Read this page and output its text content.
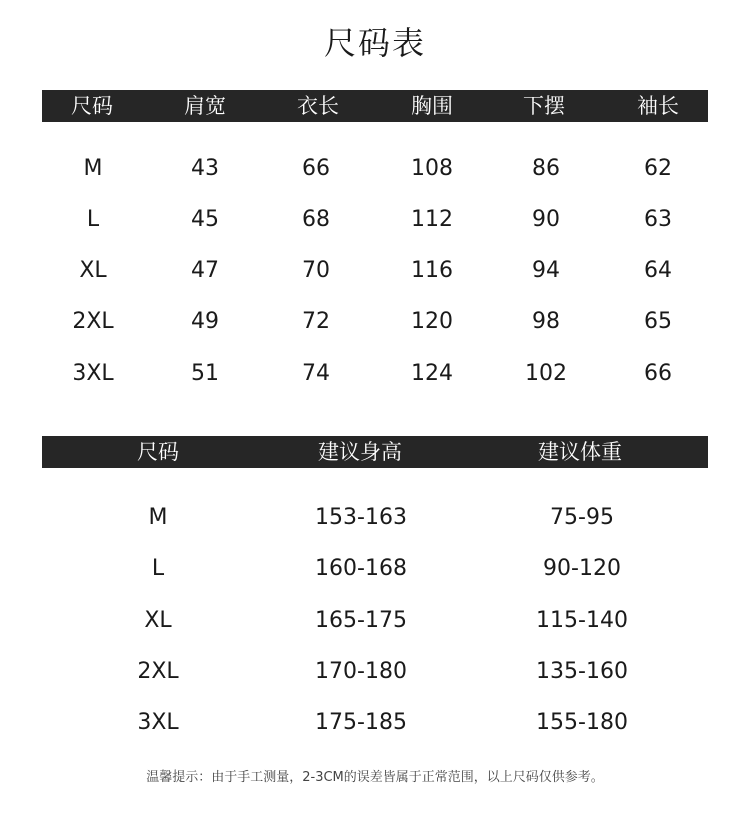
尺码表
尺码	肩宽	衣长	胸围	下摆	袖长
M	43	66	108	86	62
L	45	68	112	90	63
XL	47	70	116	94	64
2XL	49	72	120	98	65
3XL	51	74	124	102	66
尺码	建议身高	建议体重
M	153-163	75-95
L	160-168	90-120
XL	165-175	115-140
2XL	170-180	135-160
3XL	175-185	155-180
温馨提示：由于手工测量，2-3CM的误差皆属于正常范围，以上尺码仅供参考。
